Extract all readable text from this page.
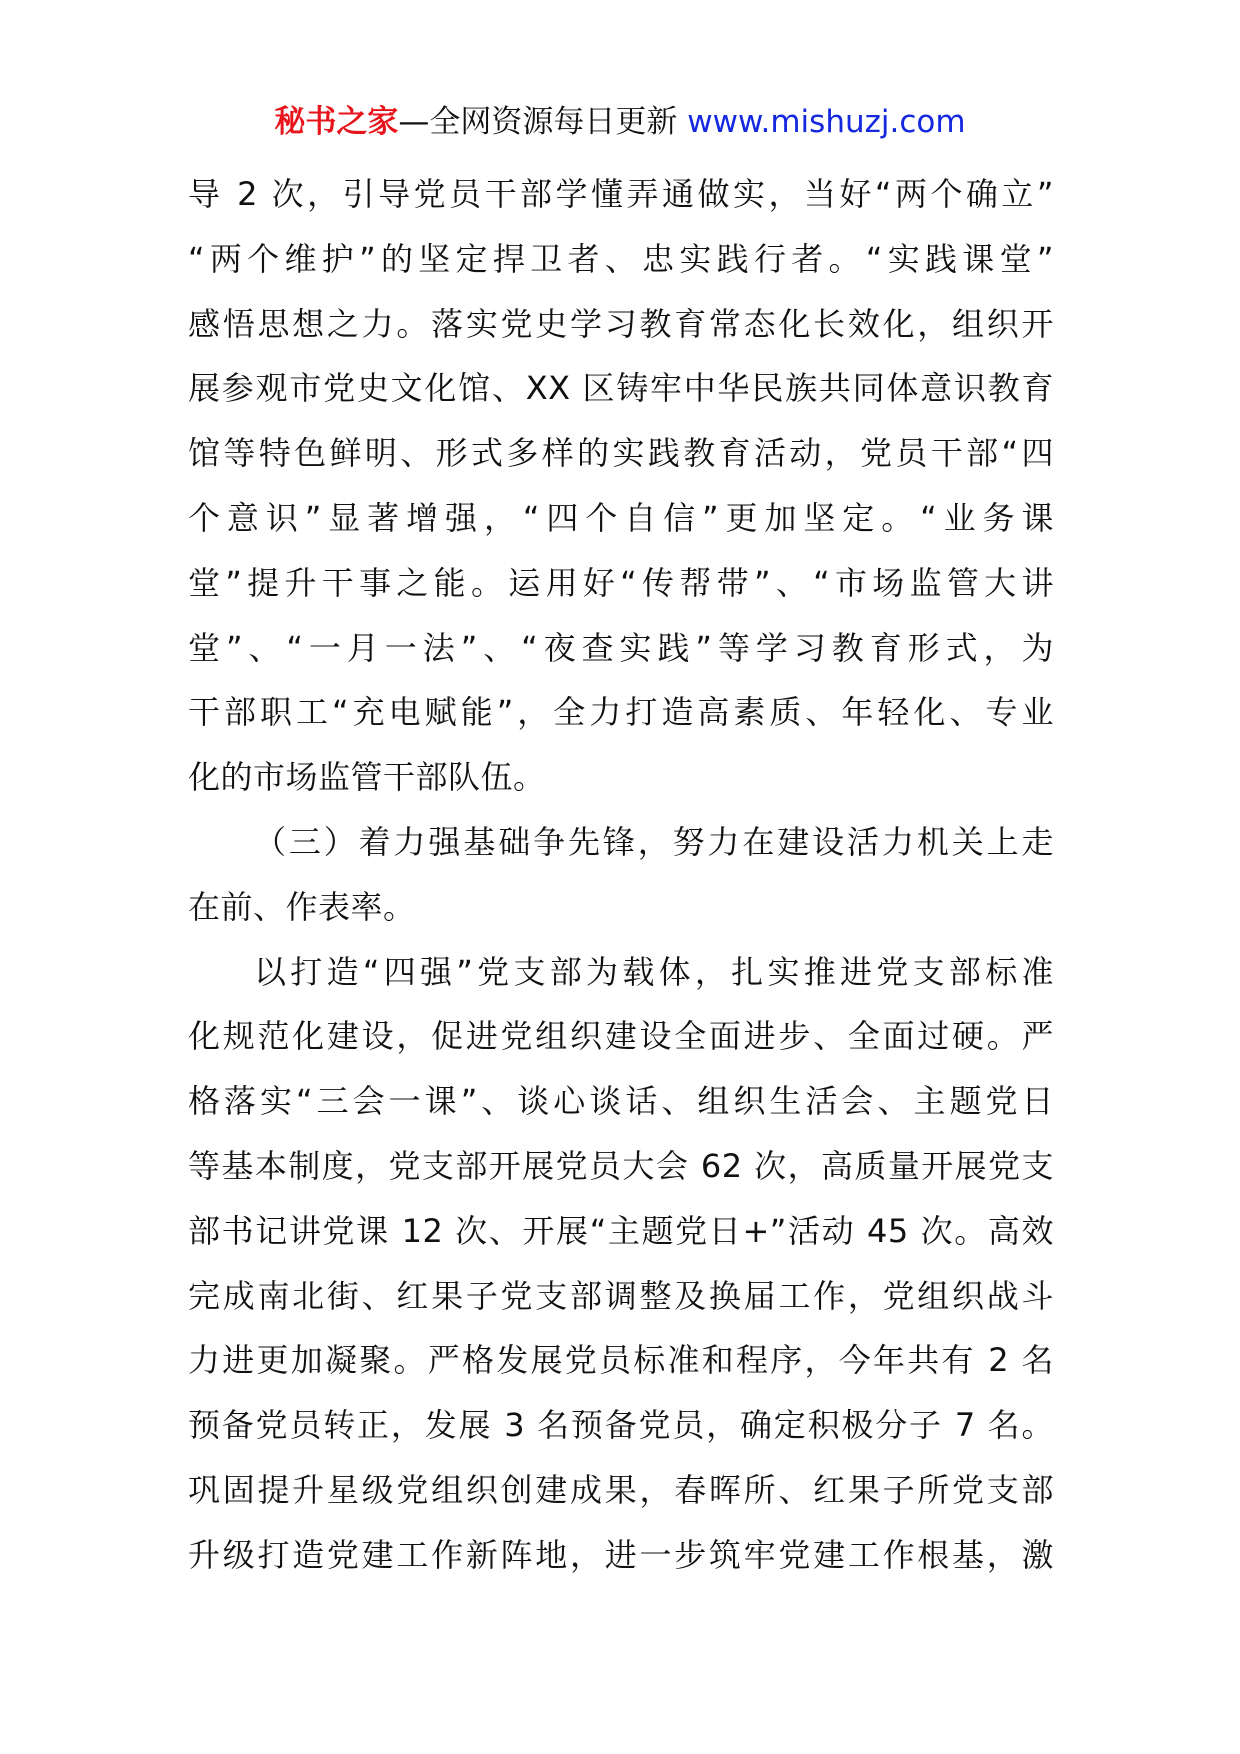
秘书之家—全网资源每日更新 www.mishuzj.com
导 2 次，引导党员干部学懂弄通做实，当好“两个确立”
“两个维护”的坚定捍卫者、忠实践行者。“实践课堂”
感悟思想之力。落实党史学习教育常态化长效化，组织开
展参观市党史文化馆、XX 区铸牢中华民族共同体意识教育
馆等特色鲜明、形式多样的实践教育活动，党员干部“四
个意识”显著增强，“四个自信”更加坚定。“业务课
堂”提升干事之能。运用好“传帮带”、“市场监管大讲
堂”、“一月一法”、“夜查实践”等学习教育形式，为
干部职工“充电赋能”，全力打造高素质、年轻化、专业
化的市场监管干部队伍。
（三）着力强基础争先锋，努力在建设活力机关上走
在前、作表率。
以打造“四强”党支部为载体，扎实推进党支部标准
化规范化建设，促进党组织建设全面进步、全面过硬。严
格落实“三会一课”、谈心谈话、组织生活会、主题党日
等基本制度，党支部开展党员大会 62 次，高质量开展党支
部书记讲党课 12 次、开展“主题党日+”活动 45 次。高效
完成南北街、红果子党支部调整及换届工作，党组织战斗
力进更加凝聚。严格发展党员标准和程序，今年共有 2 名
预备党员转正，发展 3 名预备党员，确定积极分子 7 名。
巩固提升星级党组织创建成果，春晖所、红果子所党支部
升级打造党建工作新阵地，进一步筑牢党建工作根基，激
